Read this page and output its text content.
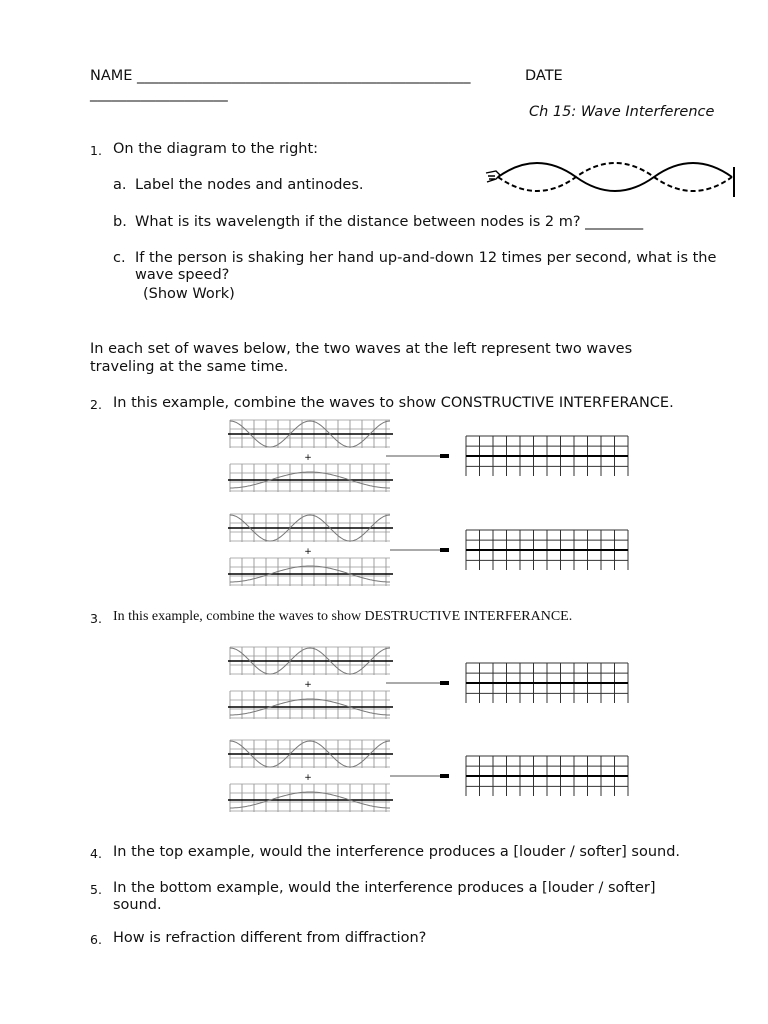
NAME ______________________________________________	DATE
___________________
Ch 15: Wave Interference
1. On the diagram to the right:
a. Label the nodes and antinodes.
b. What is its wavelength if the distance between nodes is 2 m? ________
c. If the person is shaking her hand up-and-down 12 times per second, what is the wave speed?
(Show Work)
In each set of waves below, the two waves at the left represent two waves traveling at the same time.
2. In this example, combine the waves to show CONSTRUCTIVE INTERFERANCE.
3. In this example, combine the waves to show DESTRUCTIVE INTERFERANCE.
+
+
+
+
4. In the top example, would the interference produces a [louder / softer] sound.
5. In the bottom example, would the interference produces a [louder / softer] sound.
6. How is refraction different from diffraction?
